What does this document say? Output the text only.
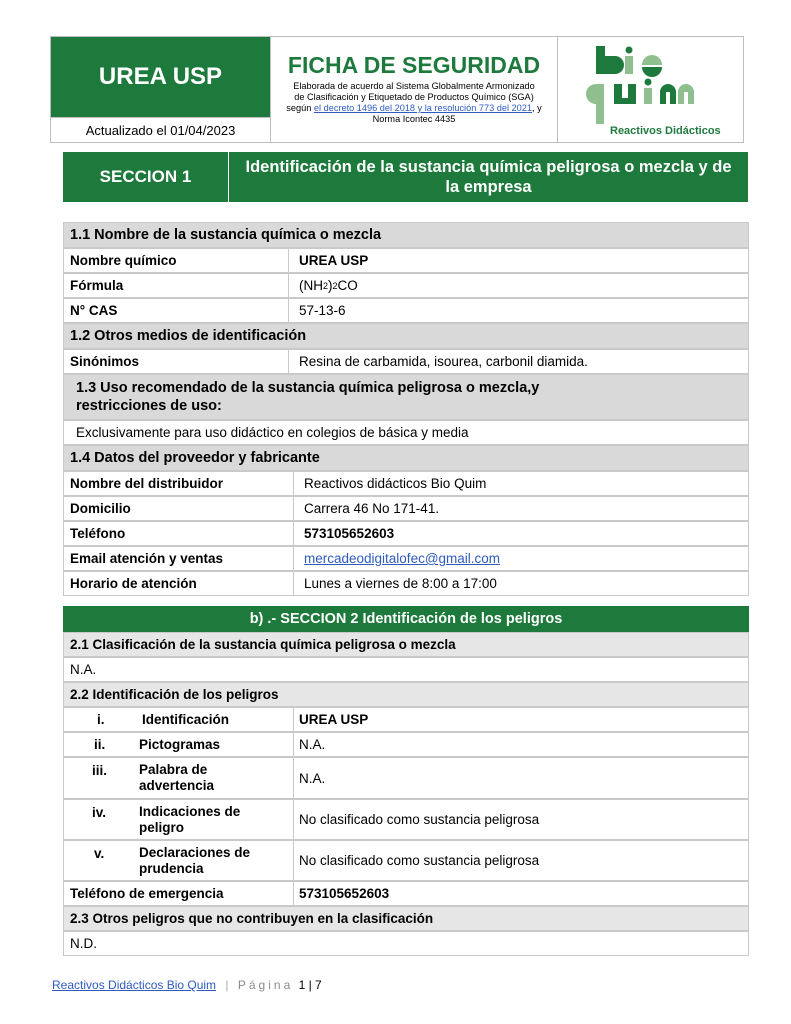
UREA USP
Actualizado el 01/04/2023
FICHA DE SEGURIDAD
Elaborada de acuerdo al Sistema Globalmente Armonizado
de Clasificación y Etiquetado de Productos Químico (SGA)
según el decreto 1496 del 2018 y la resolución 773 del 2021, y Norma Icontec 4435
Reactivos Didácticos
SECCION 1	Identificación de la sustancia química peligrosa o mezcla y de la empresa
1.1 Nombre de la sustancia química o mezcla
Nombre químico	UREA USP
Fórmula	(NH 2 ) 2 CO
N° CAS	57-13-6
1.2 Otros medios de identificación
Sinónimos	Resina de carbamida, isourea, carbonil diamida.
1.3 Uso recomendado de la sustancia química peligrosa o mezcla,y
restricciones de uso:
Exclusivamente para uso didáctico en colegios de básica y media
1.4 Datos del proveedor y fabricante
Nombre del distribuidor	Reactivos didácticos Bio Quim
Domicilio	Carrera 46 No 171-41.
Teléfono	573105652603
Email atención y ventas	mercadeodigitalofec@gmail.com
Horario de atención	Lunes a viernes de 8:00 a 17:00
b) .- SECCION 2 Identificación de los peligros
2.1 Clasificación de la sustancia química peligrosa o mezcla
N.A.
2.2 Identificación de los peligros
i.	Identificación	UREA USP
ii. Pictogramas	N.A.
iii. Palabra de
advertencia	N.A.
iv. Indicaciones de
peligro	No clasificado como sustancia peligrosa
v.	Declaraciones de
prudencia	No clasificado como sustancia peligrosa
Teléfono de emergencia	573105652603
2.3 Otros peligros que no contribuyen en la clasificación
N.D.
Reactivos Didácticos Bio Quim | Página 1 | 7
